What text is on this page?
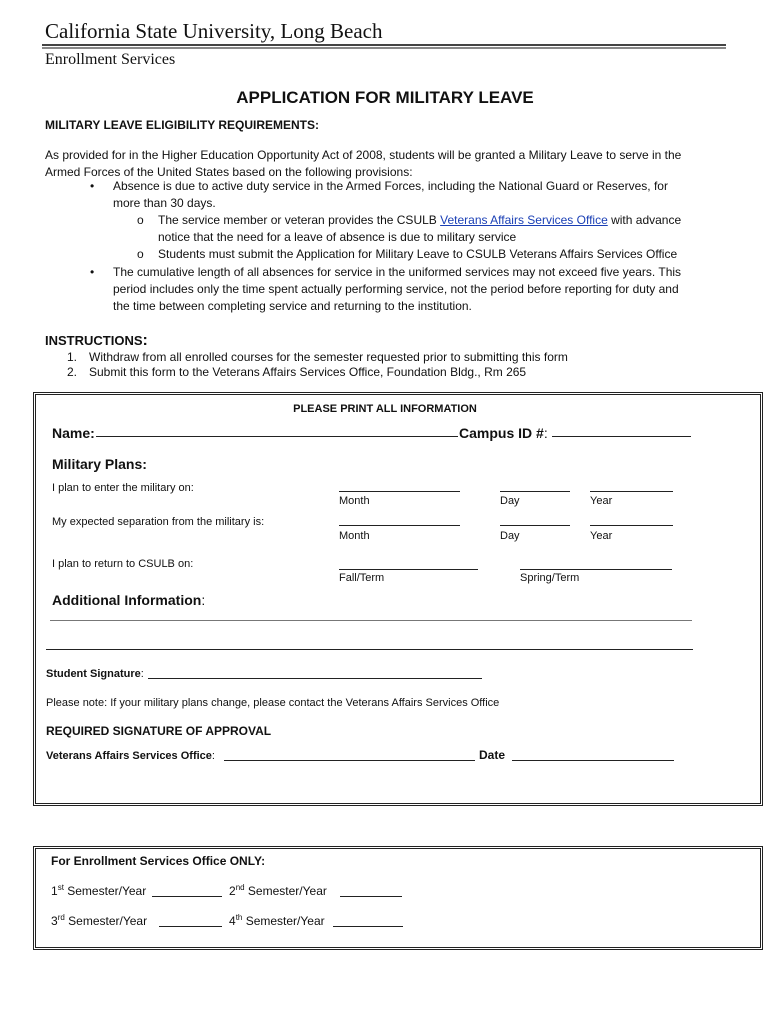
California State University, Long Beach
Enrollment Services
APPLICATION FOR MILITARY LEAVE
MILITARY LEAVE ELIGIBILITY REQUIREMENTS:
As provided for in the Higher Education Opportunity Act of 2008, students will be granted a Military Leave to serve in the
Armed Forces of the United States based on the following provisions:
• Absence is due to active duty service in the Armed Forces, including the National Guard or Reserves, for
more than 30 days.
o The service member or veteran provides the CSULB Veterans Affairs Services Office with advance
notice that the need for a leave of absence is due to military service
o Students must submit the Application for Military Leave to CSULB Veterans Affairs Services Office
• The cumulative length of all absences for service in the uniformed services may not exceed five years. This
period includes only the time spent actually performing service, not the period before reporting for duty and
the time between completing service and returning to the institution.
INSTRUCTIONS:
1. Withdraw from all enrolled courses for the semester requested prior to submitting this form
2. Submit this form to the Veterans Affairs Services Office, Foundation Bldg., Rm 265
PLEASE PRINT ALL INFORMATION
Name:	Campus ID #:
Military Plans:
I plan to enter the military on:
Month	Day	Year
My expected separation from the military is:
Month	Day	Year
I plan to return to CSULB on:
Fall/Term	Spring/Term
Additional Information:
Student Signature:
Please note: If your military plans change, please contact the Veterans Affairs Services Office
REQUIRED SIGNATURE OF APPROVAL
Veterans Affairs Services Office:	Date
For Enrollment Services Office ONLY:
1st Semester/Year	2nd Semester/Year
3rd Semester/Year	4th Semester/Year
